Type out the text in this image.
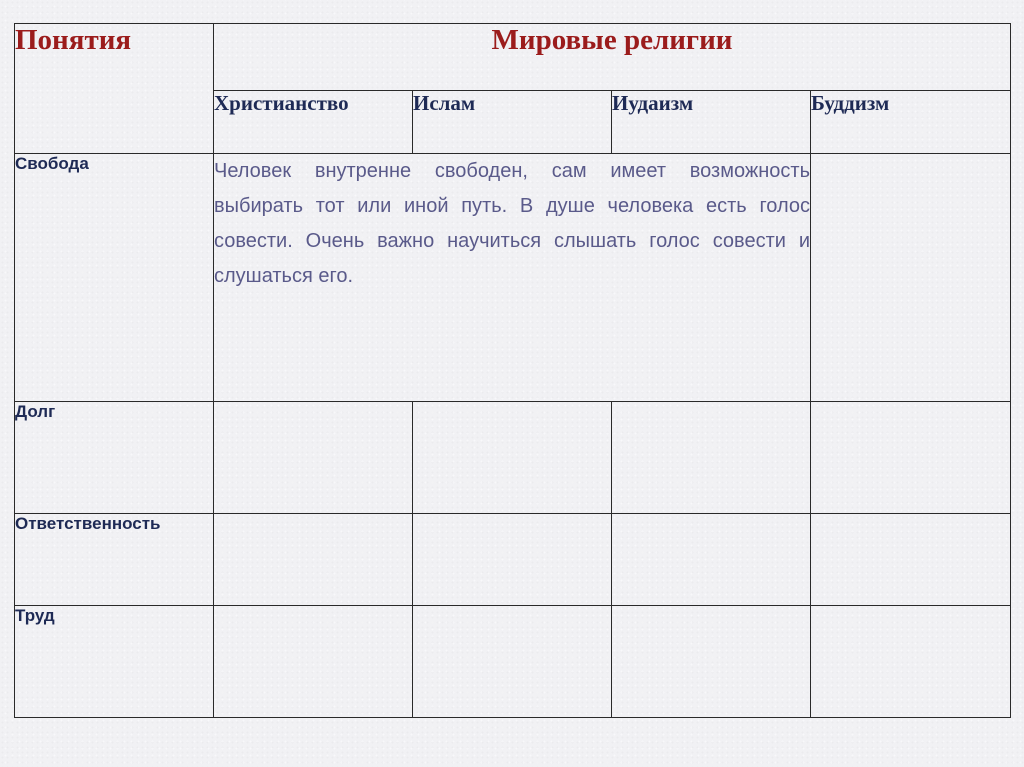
Понятия	Мировые религии			
	Христианство	Ислам	Иудаизм	Буддизм
Свобода	Человек внутренне свободен, сам имеет возможность выбирать тот или иной путь. В душе человека есть голос совести. Очень важно научиться слышать голос совести и слушаться его.			
Долг				
Ответственность				
Труд				
